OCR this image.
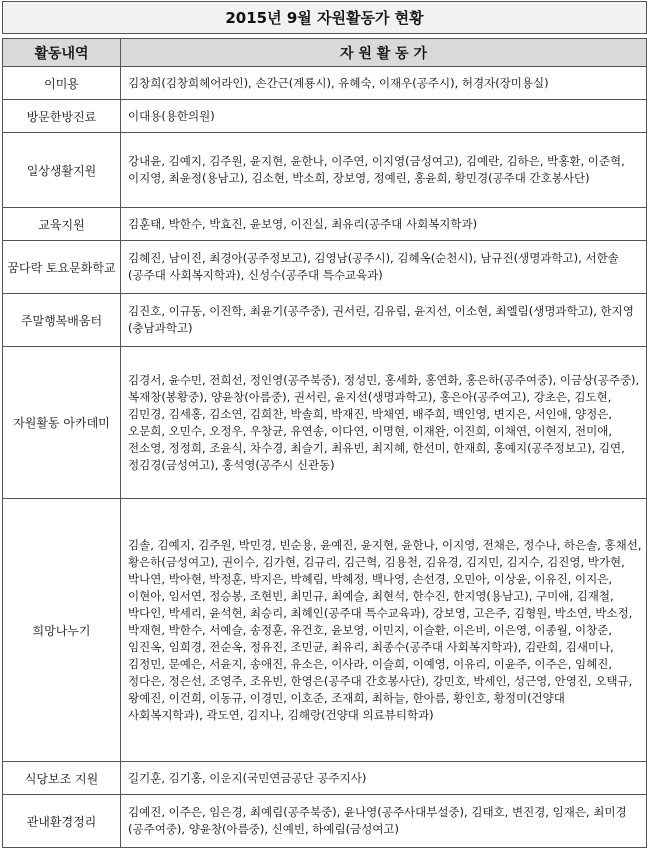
2015년 9월 자원활동가 현황
활동내역	자 원 활 동 가
이미용	김창희(김창희헤어라인), 손간근(계룡시), 유혜숙, 이재우(공주시), 허경자(장미용실)
방문한방진료	이대용(용한의원)
일상생활지원	강내윤, 김예지, 김주원, 윤지현, 윤한나, 이주연, 이지영(금성여고), 김예란, 김하은, 박홍환, 이준혁, 이지영, 최윤정(용남고), 김소현, 박소희, 장보영, 정예린, 홍윤희, 황민경(공주대 간호봉사단)
교육지원	김훈태, 박한수, 박효진, 윤보영, 이진실, 최유리(공주대 사회복지학과)
꿈다락 토요문화학교	김혜진, 남이진, 최경아(공주정보고), 김영남(공주시), 김혜옥(순천시), 남규진(생명과학고), 서한솔(공주대 사회복지학과), 신성수(공주대 특수교육과)
주말행복배움터	김진호, 이규동, 이진학, 최윤기(공주중), 권서린, 김유림, 윤지선, 이소현, 최엘림(생명과학고), 한지영(충남과학고)
자원활동 아카데미	김경서, 윤수민, 전희선, 정인영(공주북중), 정성민, 홍세화, 홍연화, 홍은하(공주여중), 이금상(공주중), 복재창(봉황중), 양윤창(아름중), 권서린, 윤지선(생명과학고), 홍은아(공주여고), 강초은, 김도현, 김민경, 김세홍, 김소연, 김희찬, 박솔희, 박재진, 박채연, 배주희, 백인영, 변지은, 서인애, 양정은, 오문희, 오민수, 오정우, 우창균, 유연송, 이다연, 이명현, 이재완, 이진희, 이채연, 이현지, 전미애, 전소영, 정정희, 조윤식, 차수경, 최슬기, 최유빈, 최지혜, 한선미, 한재희, 홍예지(공주정보고), 김연, 정김경(금성여고), 홍석영(공주시 신관동)
희망나누기	김솔, 김예지, 김주원, 박민경, 빈순용, 윤예진, 윤지현, 윤한나, 이지영, 전채은, 정수나, 하은솔, 홍채선, 황은하(금성여고), 권이수, 김가현, 김규리, 김근혁, 김용천, 김유경, 김지민, 김지수, 김진영, 박가현, 박나연, 박아현, 박정훈, 박지은, 박혜림, 박혜정, 백나영, 손선경, 오민아, 이상윤, 이유진, 이지은, 이현아, 임서연, 정승봉, 조현빈, 최민규, 최예슬, 최현석, 한수진, 한지영(용남고), 구미애, 김재철, 박다인, 박세리, 윤석현, 최승리, 최혜인(공주대 특수교육과), 강보영, 고은주, 김형원, 박소연, 박소정, 박재현, 박한수, 서예슬, 송정훈, 유건호, 윤보영, 이민지, 이슬환, 이은비, 이은영, 이종월, 이창준, 임진옥, 임희경, 전순옥, 정유진, 조민균, 최유리, 최종수(공주대 사회복지학과), 김란희, 김새미나, 김정민, 문예은, 서윤지, 송애진, 유소은, 이사라, 이슬희, 이예영, 이유리, 이윤주, 이주은, 임혜진, 정다은, 정은선, 조영주, 조유빈, 한영은(공주대 간호봉사단), 강민호, 박세인, 성근영, 안영진, 오택규, 왕예진, 이건희, 이동규, 이경민, 이호준, 조재희, 최하늘, 한아름, 황인호, 황정미(건양대 사회복지학과), 곽도연, 김지나, 김해랑(건양대 의료뷰티학과)
식당보조 지원	길기훈, 김기홍, 이운지(국민연금공단 공주지사)
관내환경정리	김예진, 이주은, 임은경, 최예림(공주북중), 윤나영(공주사대부설중), 김태호, 변진경, 임재은, 최미경(공주여중), 양윤창(아름중), 신예빈, 하예림(금성여고)
